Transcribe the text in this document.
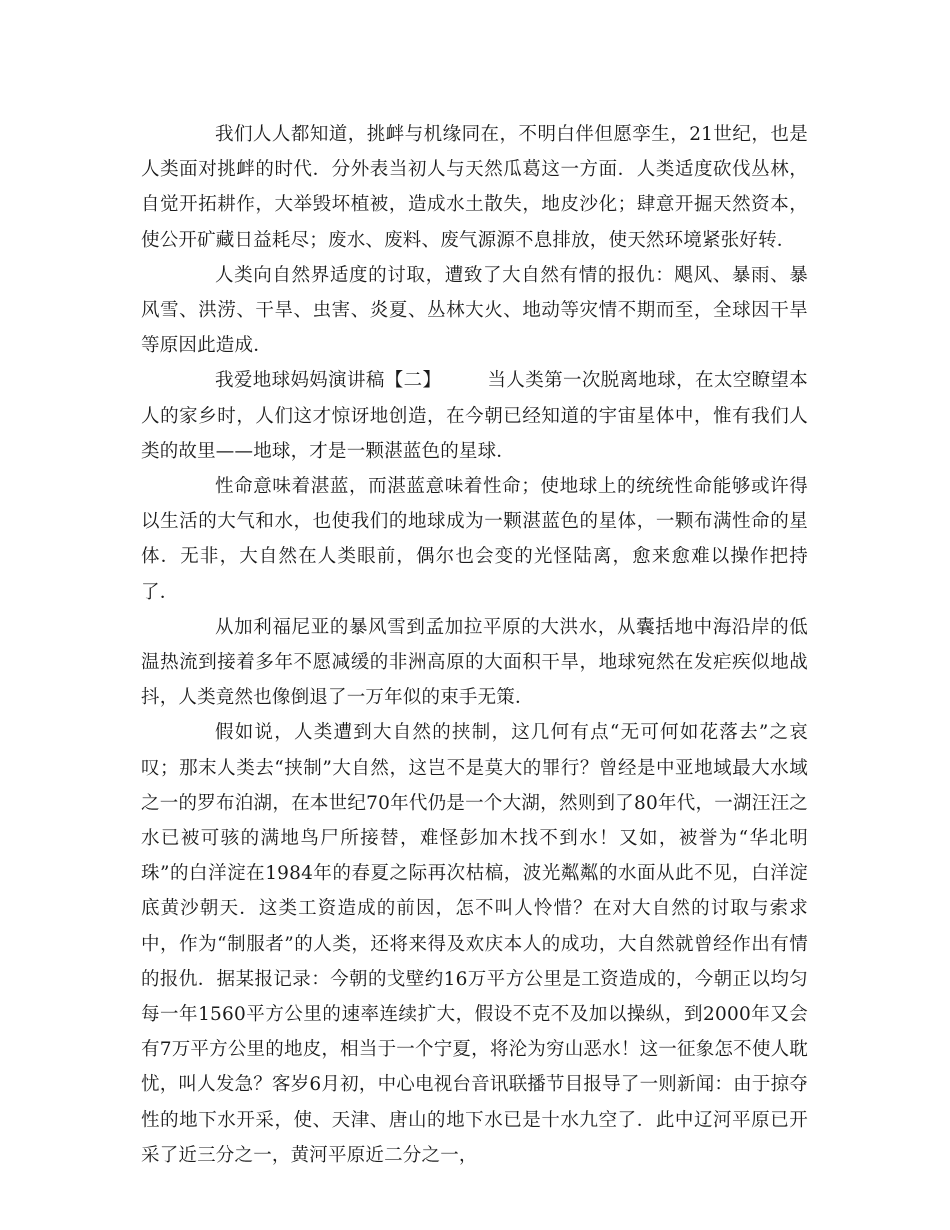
我们人人都知道，挑衅与机缘同在，不明白伴但愿孪生，21世纪，也是人类面对挑衅的时代．分外表当初人与天然瓜葛这一方面．人类适度砍伐丛林，自觉开拓耕作，大举毁坏植被，造成水土散失，地皮沙化；肆意开掘天然资本，使公开矿藏日益耗尽；废水、废料、废气源源不息排放，使天然环境紧张好转．

人类向自然界适度的讨取，遭致了大自然有情的报仇：飓风、暴雨、暴风雪、洪涝、干旱、虫害、炎夏、丛林大火、地动等灾情不期而至，全球因干旱等原因此造成．

我爱地球妈妈演讲稿【二】 当人类第一次脱离地球，在太空瞭望本人的家乡时，人们这才惊讶地创造，在今朝已经知道的宇宙星体中，惟有我们人类的故里——地球，才是一颗湛蓝色的星球．

性命意味着湛蓝，而湛蓝意味着性命；使地球上的统统性命能够或许得以生活的大气和水，也使我们的地球成为一颗湛蓝色的星体，一颗布满性命的星体．无非，大自然在人类眼前，偶尔也会变的光怪陆离，愈来愈难以操作把持了．

从加利福尼亚的暴风雪到孟加拉平原的大洪水，从囊括地中海沿岸的低温热流到接着多年不愿减缓的非洲高原的大面积干旱，地球宛然在发疟疾似地战抖，人类竟然也像倒退了一万年似的束手无策．

假如说，人类遭到大自然的挟制，这几何有点“无可何如花落去”之哀叹；那末人类去“挟制”大自然，这岂不是莫大的罪行？曾经是中亚地域最大水域之一的罗布泊湖，在本世纪70年代仍是一个大湖，然则到了80年代，一湖汪汪之水已被可骇的满地鸟尸所接替，难怪彭加木找不到水！又如，被誉为“华北明珠”的白洋淀在1984年的春夏之际再次枯槁，波光粼粼的水面从此不见，白洋淀底黄沙朝天．这类工资造成的前因，怎不叫人怜惜？在对大自然的讨取与索求中，作为“制服者”的人类，还将来得及欢庆本人的成功，大自然就曾经作出有情的报仇．据某报记录：今朝的戈壁约16万平方公里是工资造成的，今朝正以均匀每一年1560平方公里的速率连续扩大，假设不克不及加以操纵，到2000年又会有7万平方公里的地皮，相当于一个宁夏，将沦为穷山恶水！这一征象怎不使人耽忧，叫人发急？客岁6月初，中心电视台音讯联播节目报导了一则新闻：由于掠夺性的地下水开采，使、天津、唐山的地下水已是十水九空了．此中辽河平原已开采了近三分之一，黄河平原近二分之一，
